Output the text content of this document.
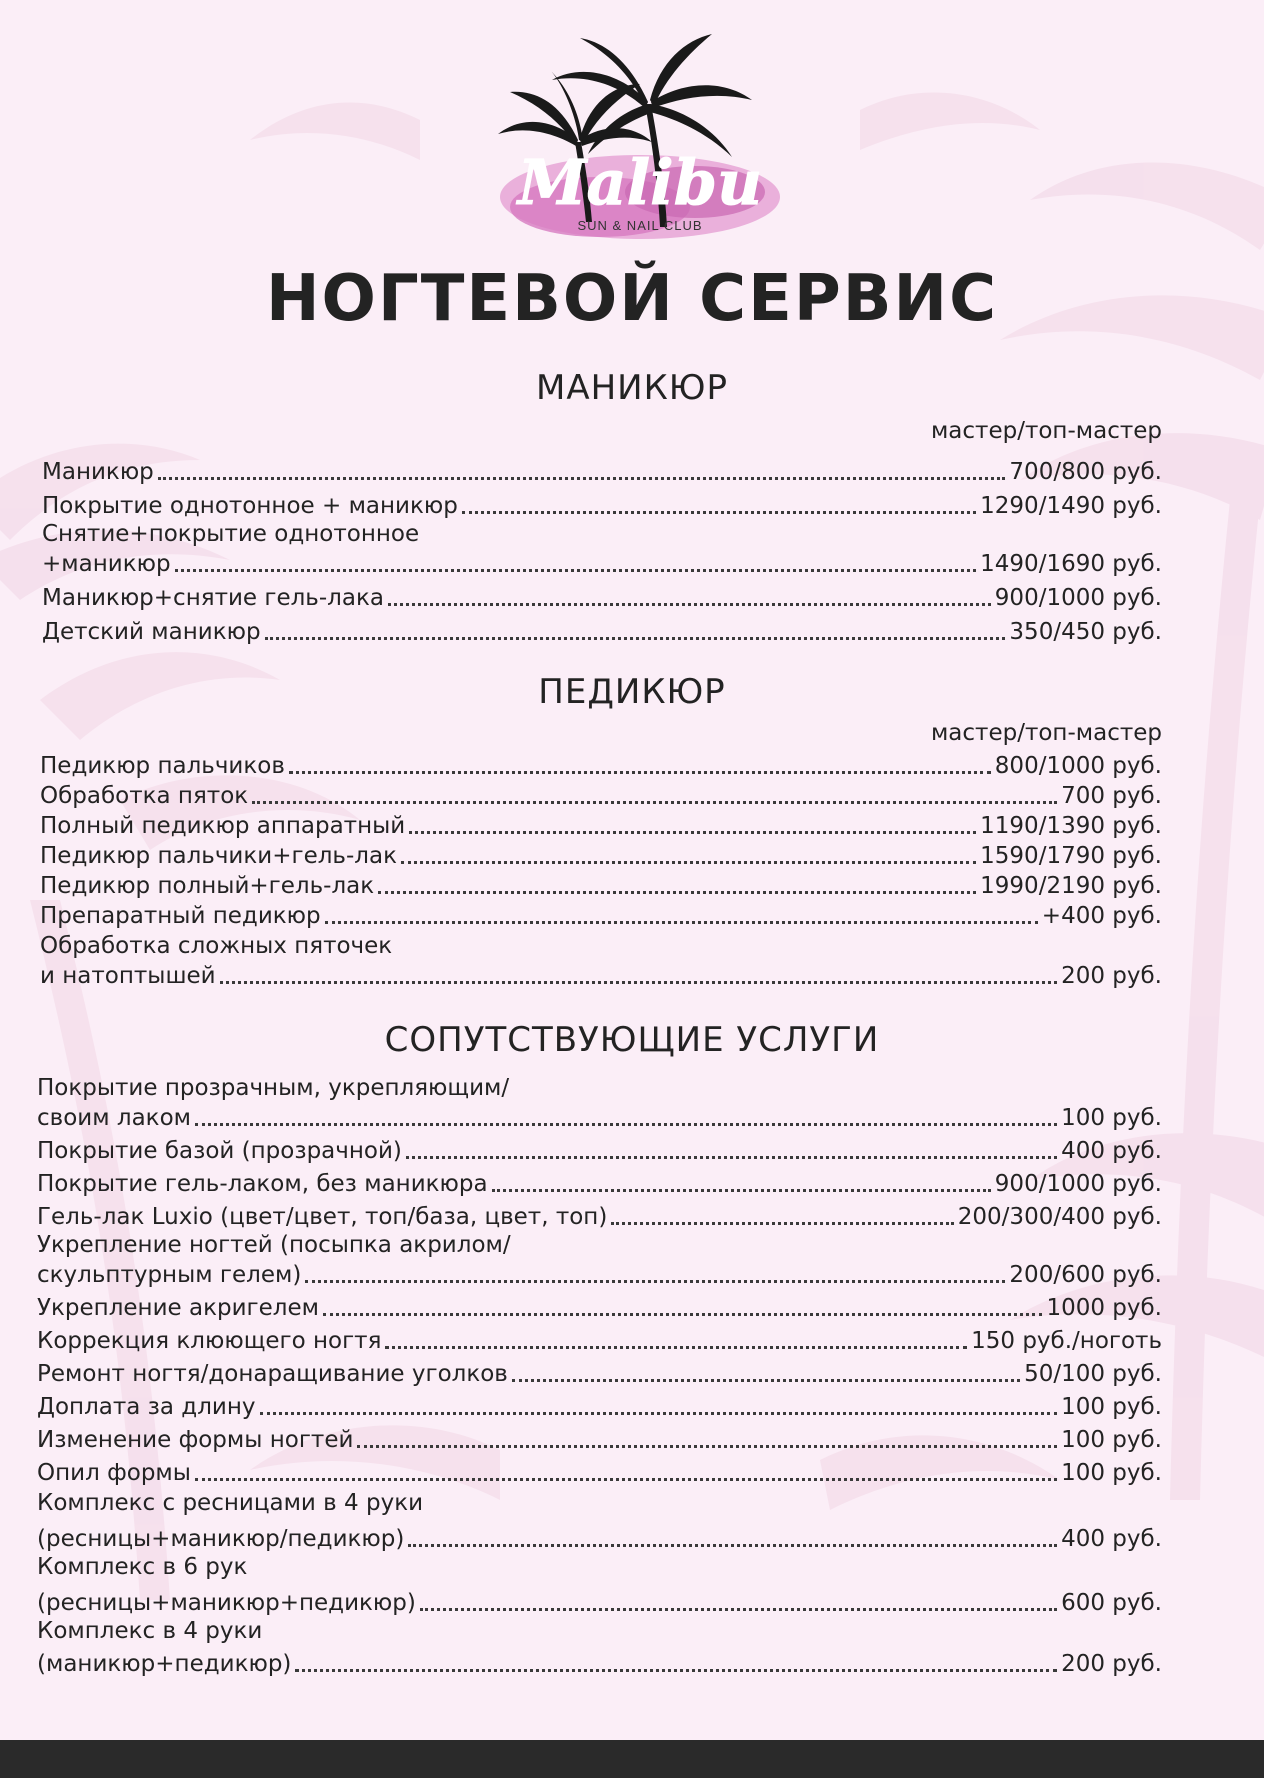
Malibu
SUN & NAIL CLUB
НОГТЕВОЙ СЕРВИС
МАНИКЮР
мастер/топ-мастер
Маникюр	700/800 руб.
Покрытие однотонное + маникюр	1290/1490 руб.
Снятие+покрытие однотонное
+маникюр	1490/1690 руб.
Маникюр+снятие гель-лака	900/1000 руб.
Детский маникюр	350/450 руб.
ПЕДИКЮР
мастер/топ-мастер
Педикюр пальчиков	800/1000 руб.
Обработка пяток	700 руб.
Полный педикюр аппаратный	1190/1390 руб.
Педикюр пальчики+гель-лак	1590/1790 руб.
Педикюр полный+гель-лак	1990/2190 руб.
Препаратный педикюр	+400 руб.
Обработка сложных пяточек
и натоптышей	200 руб.
СОПУТСТВУЮЩИЕ УСЛУГИ
Покрытие прозрачным, укрепляющим/
своим лаком	100 руб.
Покрытие базой (прозрачной)	400 руб.
Покрытие гель-лаком, без маникюра	900/1000 руб.
Гель-лак Luxio (цвет/цвет, топ/база, цвет, топ)	200/300/400 руб.
Укрепление ногтей (посыпка акрилом/
скульптурным гелем)	200/600 руб.
Укрепление акригелем	1000 руб.
Коррекция клюющего ногтя	150 руб./ноготь
Ремонт ногтя/донаращивание уголков	50/100 руб.
Доплата за длину	100 руб.
Изменение формы ногтей	100 руб.
Опил формы	100 руб.
Комплекс с ресницами в 4 руки
(ресницы+маникюр/педикюр)	400 руб.
Комплекс в 6 рук
(ресницы+маникюр+педикюр)	600 руб.
Комплекс в 4 руки
(маникюр+педикюр)	200 руб.
